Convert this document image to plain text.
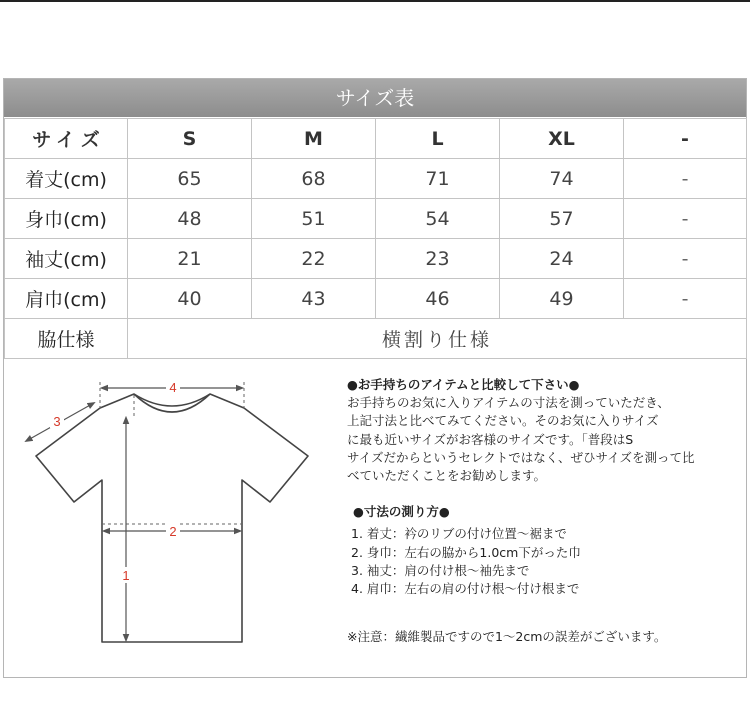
サイズ表
サイズ	S	M	L	XL	-
着丈(cm)	65	68	71	74	-
身巾(cm)	48	51	54	57	-
袖丈(cm)	21	22	23	24	-
肩巾(cm)	40	43	46	49	-
脇仕様	横割り仕様				
4
2
1
3

●お手持ちのアイテムと比較して下さい●

お手持ちのお気に入りアイテムの寸法を測っていただき、

上記寸法と比べてみてください。そのお気に入りサイズ

に最も近いサイズがお客様のサイズです。「普段はS

サイズだからというセレクトではなく、ぜひサイズを測って比

べていただくことをお勧めします。

●寸法の測り方●

1. 着丈：衿のリブの付け位置～裾まで
2. 身巾：左右の脇から1.0cm下がった巾
3. 袖丈：肩の付け根～袖先まで
4. 肩巾：左右の肩の付け根～付け根まで

※注意：繊維製品ですので1～2cmの誤差がございます。
